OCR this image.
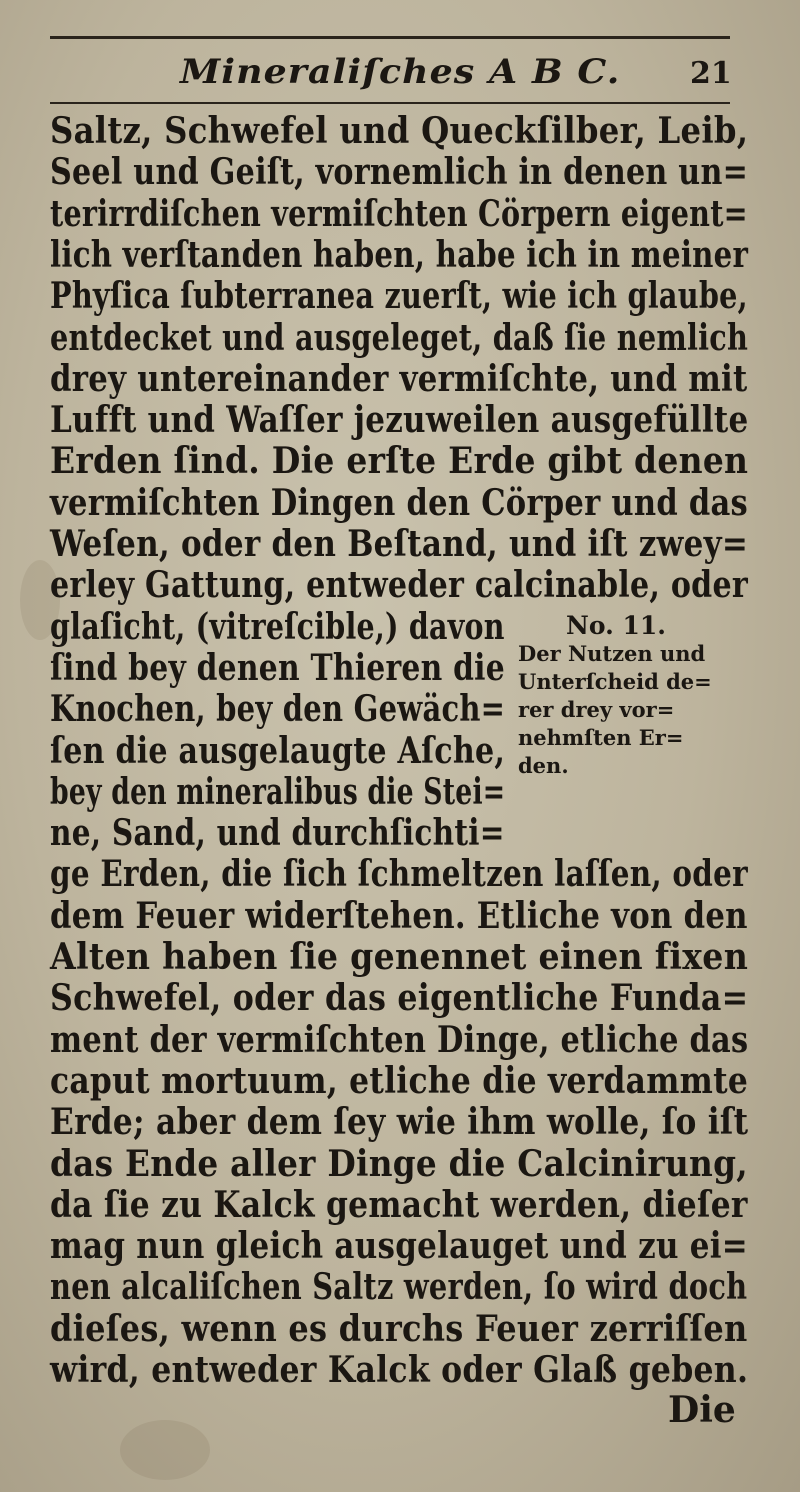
Mineraliſches A B C. 21
Saltz, Schwefel und Queckſilber, Leib,
Seel und Geiſt, vornemlich in denen un=
terirrdiſchen vermiſchten Cörpern eigent=
lich verſtanden haben, habe ich in meiner
Phyſica ſubterranea zuerſt, wie ich glaube,
entdecket und ausgeleget, daß ſie nemlich
drey untereinander vermiſchte, und mit
Lufft und Waſſer jezuweilen ausgefüllte
Erden ſind. Die erſte Erde gibt denen
vermiſchten Dingen den Cörper und das
Weſen, oder den Beſtand, und iſt zwey=
erley Gattung, entweder calcinable, oder
glaſicht, (vitreſcible,) davon
ſind bey denen Thieren die
Knochen, bey den Gewäch=
ſen die ausgelaugte Aſche,
bey den mineralibus die Stei=
ne, Sand, und durchſichti=
ge Erden, die ſich ſchmeltzen laſſen, oder
dem Feuer widerſtehen. Etliche von den
Alten haben ſie genennet einen fixen
Schwefel, oder das eigentliche Funda=
ment der vermiſchten Dinge, etliche das
caput mortuum, etliche die verdammte
Erde; aber dem ſey wie ihm wolle, ſo iſt
das Ende aller Dinge die Calcinirung,
da ſie zu Kalck gemacht werden, dieſer
mag nun gleich ausgelauget und zu ei=
nen alcaliſchen Saltz werden, ſo wird doch
dieſes, wenn es durchs Feuer zerriſſen
wird, entweder Kalck oder Glaß geben.
No. 11.
Der Nutzen und
Unterſcheid de=
rer drey vor=
nehmſten Er=
den.
Die
